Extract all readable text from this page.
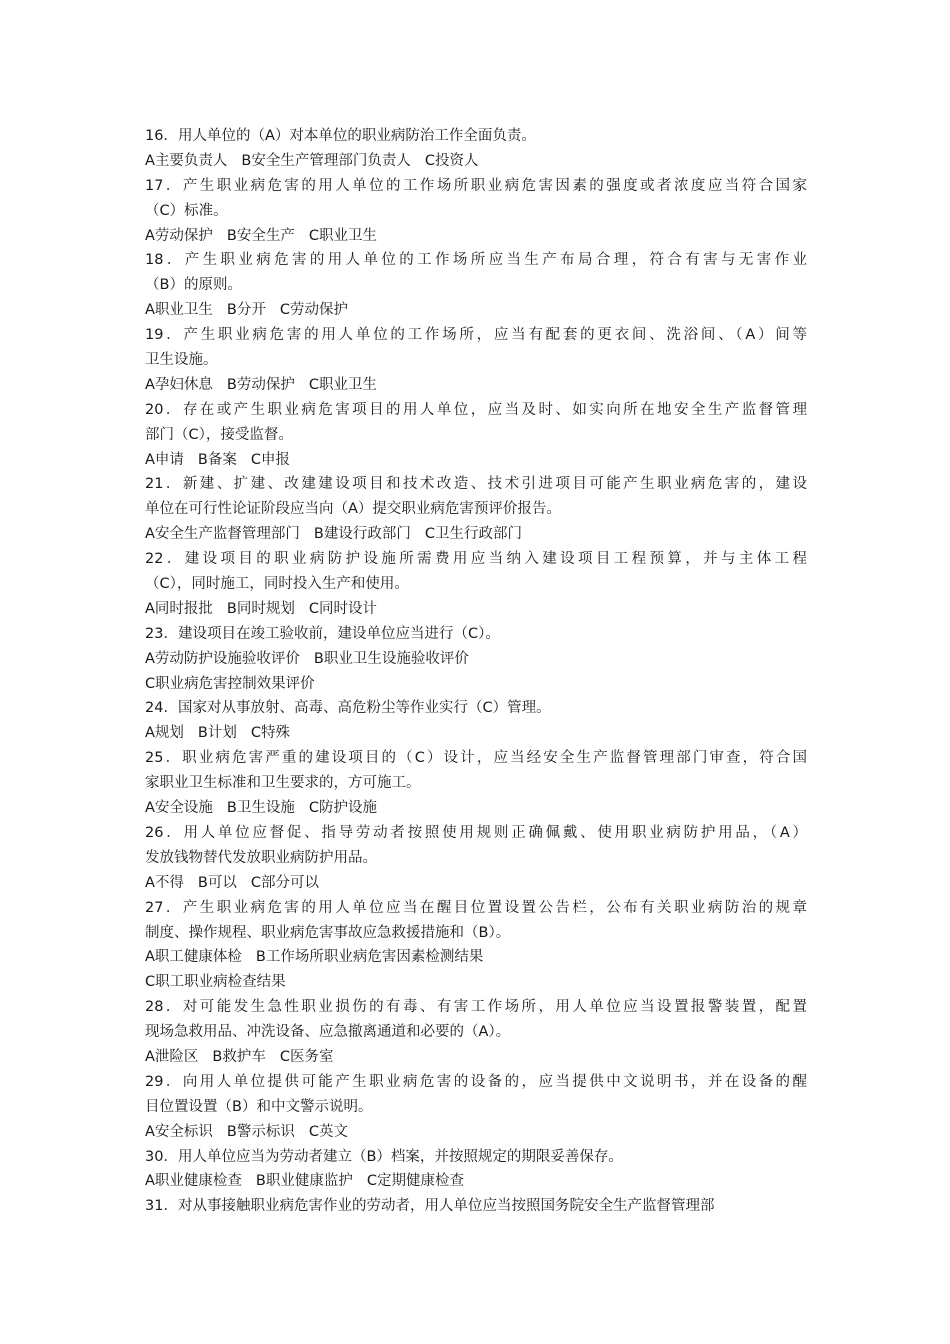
16．用人单位的（A）对本单位的职业病防治工作全面负责。
A主要负责人 B安全生产管理部门负责人 C投资人
17．产生职业病危害的用人单位的工作场所职业病危害因素的强度或者浓度应当符合国家
（C）标准。
A劳动保护 B安全生产 C职业卫生
18．产生职业病危害的用人单位的工作场所应当生产布局合理，符合有害与无害作业
（B）的原则。
A职业卫生 B分开 C劳动保护
19．产生职业病危害的用人单位的工作场所，应当有配套的更衣间、洗浴间、（A）间等
卫生设施。
A孕妇休息 B劳动保护 C职业卫生
20．存在或产生职业病危害项目的用人单位，应当及时、如实向所在地安全生产监督管理
部门（C），接受监督。
A申请 B备案 C申报
21．新建、扩建、改建建设项目和技术改造、技术引进项目可能产生职业病危害的，建设
单位在可行性论证阶段应当向（A）提交职业病危害预评价报告。
A安全生产监督管理部门 B建设行政部门 C卫生行政部门
22．建设项目的职业病防护设施所需费用应当纳入建设项目工程预算，并与主体工程
（C），同时施工，同时投入生产和使用。
A同时报批 B同时规划 C同时设计
23．建设项目在竣工验收前，建设单位应当进行（C）。
A劳动防护设施验收评价 B职业卫生设施验收评价
C职业病危害控制效果评价
24．国家对从事放射、高毒、高危粉尘等作业实行（C）管理。
A规划 B计划 C特殊
25．职业病危害严重的建设项目的（C）设计，应当经安全生产监督管理部门审查，符合国
家职业卫生标准和卫生要求的，方可施工。
A安全设施 B卫生设施 C防护设施
26．用人单位应督促、指导劳动者按照使用规则正确佩戴、使用职业病防护用品，（A）
发放钱物替代发放职业病防护用品。
A不得 B可以 C部分可以
27．产生职业病危害的用人单位应当在醒目位置设置公告栏，公布有关职业病防治的规章
制度、操作规程、职业病危害事故应急救援措施和（B）。
A职工健康体检 B工作场所职业病危害因素检测结果
C职工职业病检查结果
28．对可能发生急性职业损伤的有毒、有害工作场所，用人单位应当设置报警装置，配置
现场急救用品、冲洗设备、应急撤离通道和必要的（A）。
A泄险区 B救护车 C医务室
29．向用人单位提供可能产生职业病危害的设备的，应当提供中文说明书，并在设备的醒
目位置设置（B）和中文警示说明。
A安全标识 B警示标识 C英文
30．用人单位应当为劳动者建立（B）档案，并按照规定的期限妥善保存。
A职业健康检查 B职业健康监护 C定期健康检查
31．对从事接触职业病危害作业的劳动者，用人单位应当按照国务院安全生产监督管理部
